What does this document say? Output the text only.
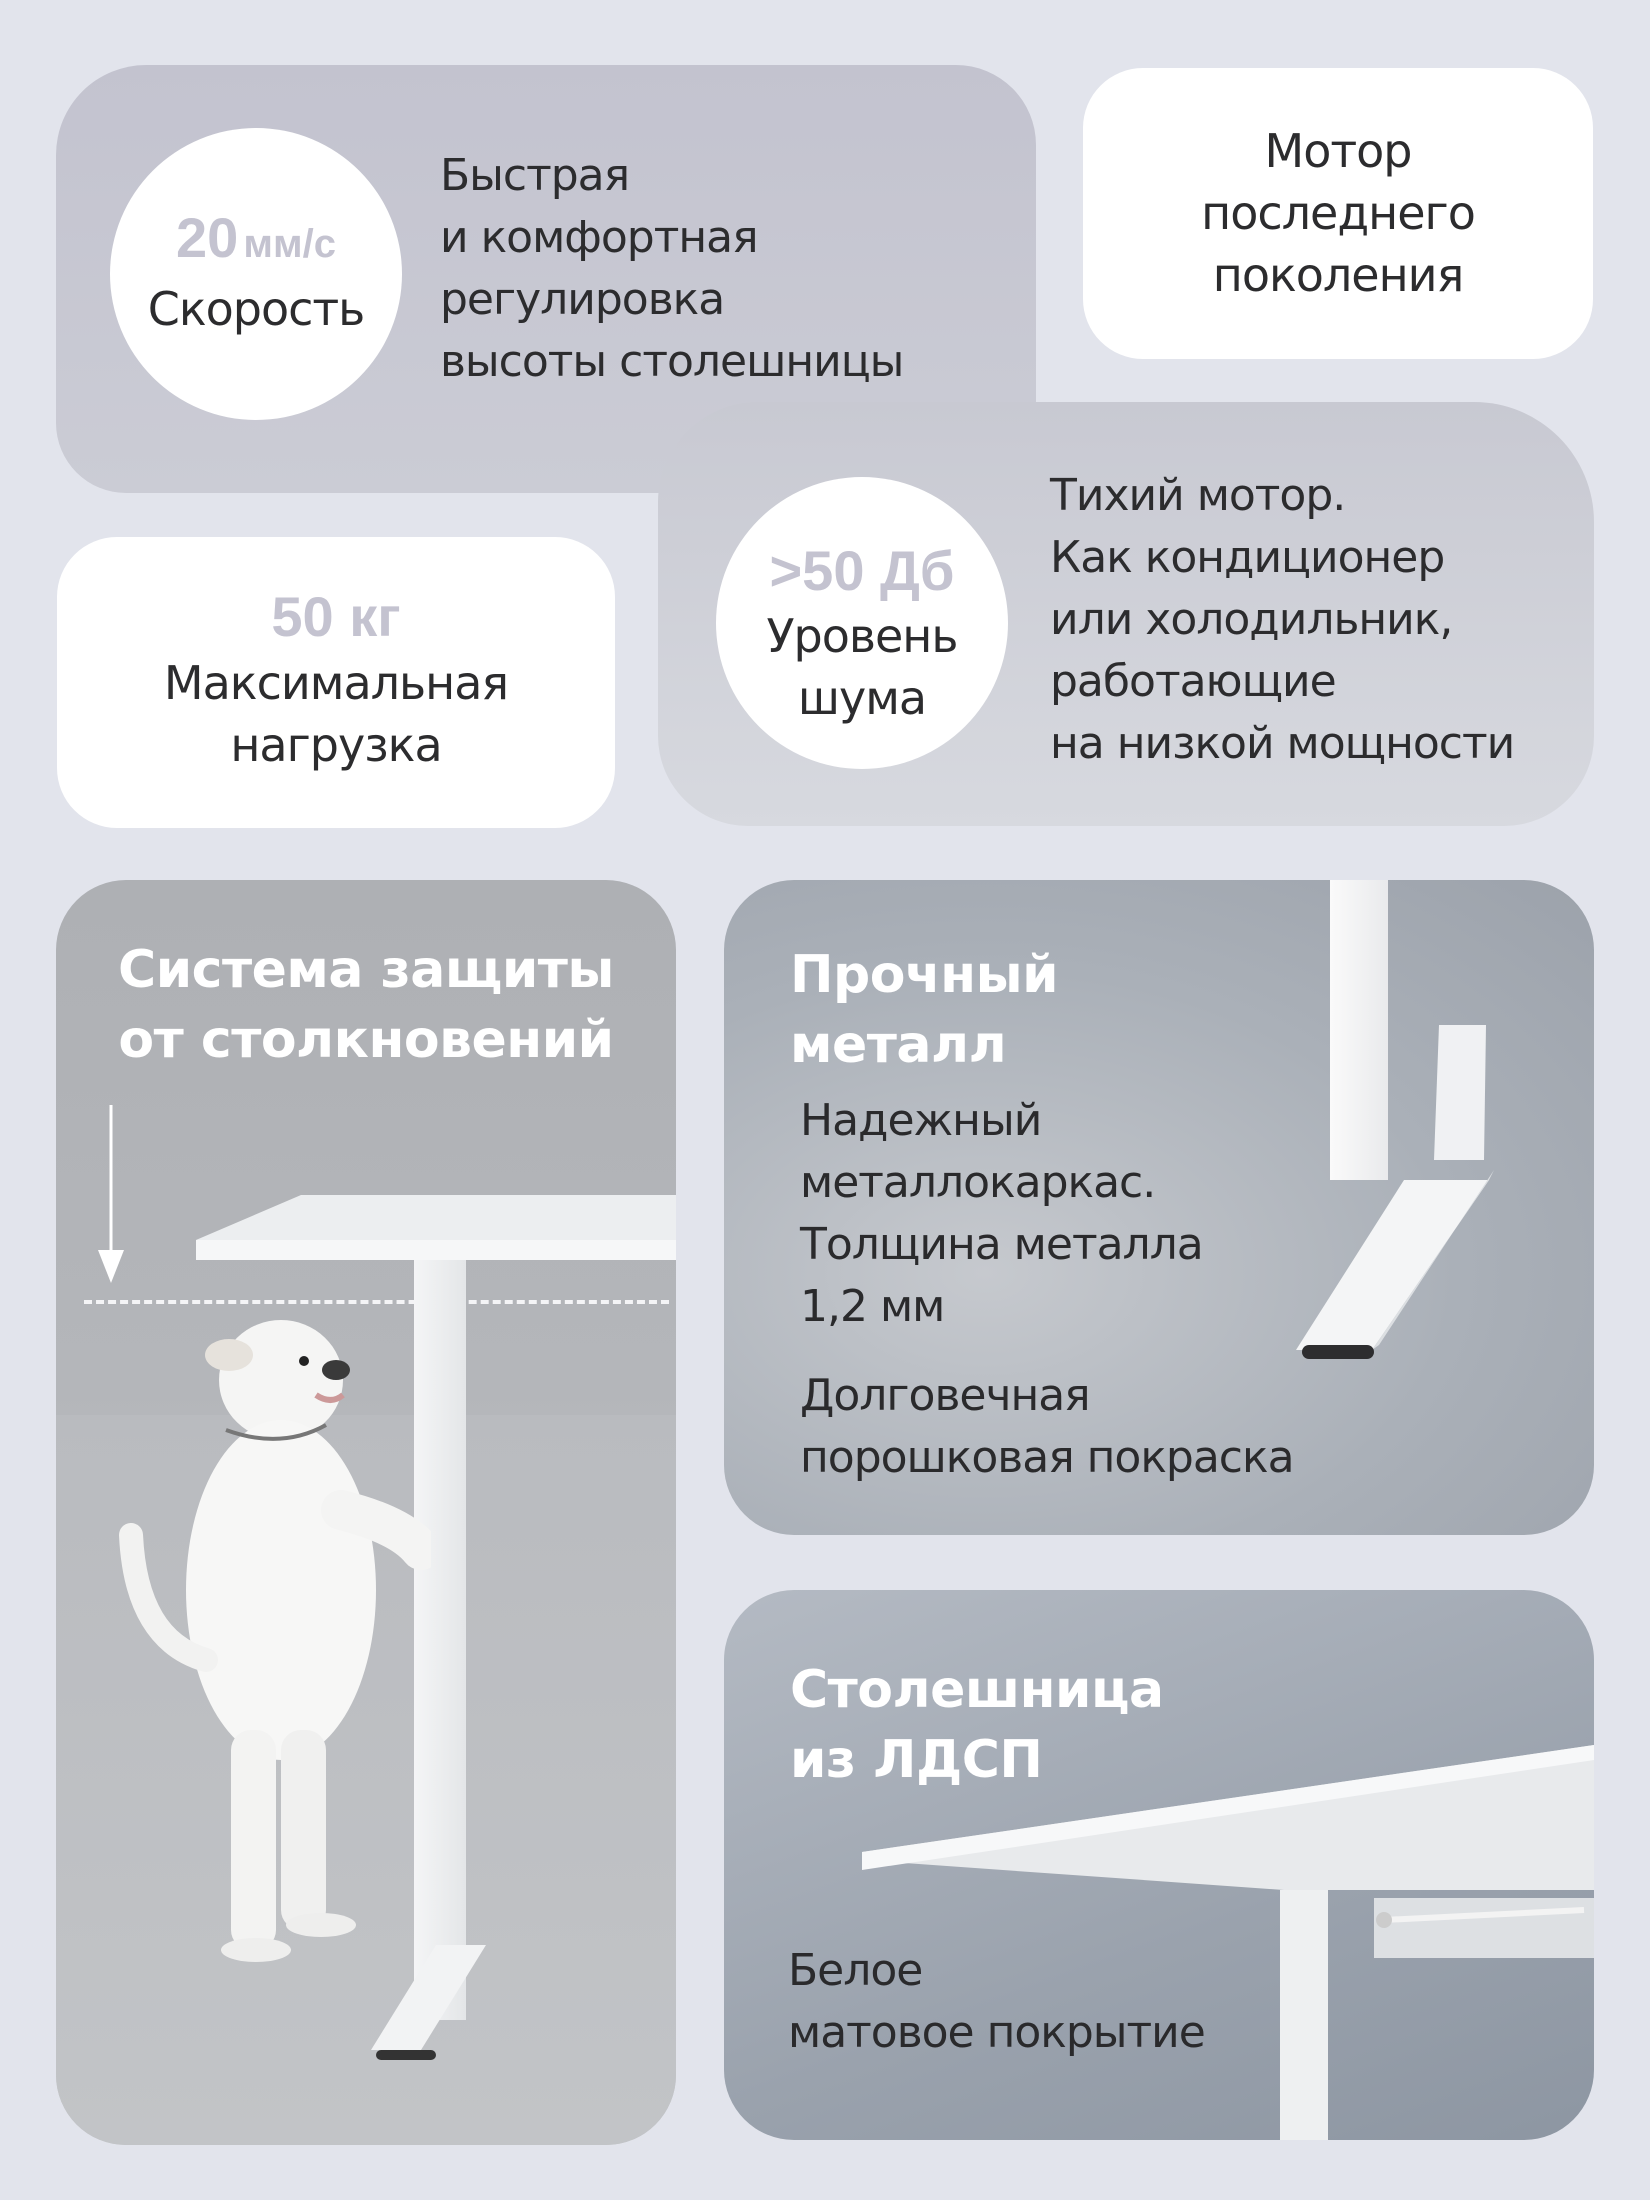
20 мм/с
Скорость
Быстрая
и комфортная
регулировка
высоты столешницы
Мотор
последнего
поколения
50 кг
Максимальная
нагрузка
>50 Дб
Уровень
шума
Тихий мотор.
Как кондиционер
или холодильник,
работающие
на низкой мощности
Система защиты
от столкновений
Прочный
металл
Надежный
металлокаркас.
Толщина металла
1,2 мм
Долговечная
порошковая покраска
Столешница
из ЛДСП
Белое
матовое покрытие
